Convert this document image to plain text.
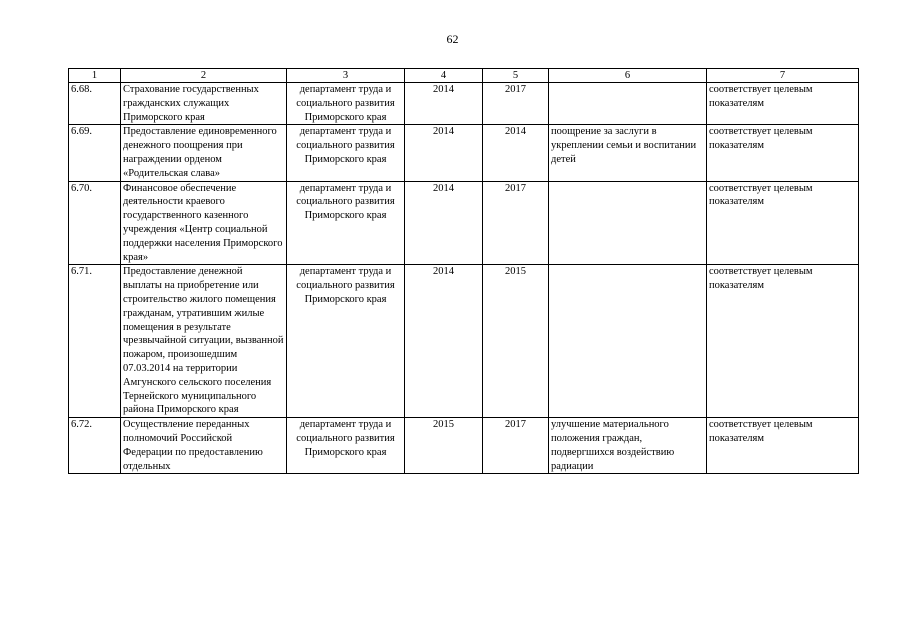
62
1	2	3	4	5	6	7
6.68.	Страхование государственных гражданских служащих Приморского края	департамент труда и социального развития Приморского края	2014	2017		соответствует целевым показателям
6.69.	Предоставление единовременного денежного поощрения при награждении орденом «Родительская слава»	департамент труда и социального развития Приморского края	2014	2014	поощрение за заслуги в укреплении семьи и воспитании детей	соответствует целевым показателям
6.70.	Финансовое обеспечение деятельности краевого государственного казенного учреждения «Центр социальной поддержки населения Приморского края»	департамент труда и социального развития Приморского края	2014	2017		соответствует целевым показателям
6.71.	Предоставление денежной выплаты на приобретение или строительство жилого помещения гражданам, утратившим жилые помещения в результате чрезвычайной ситуации, вызванной пожаром, произошедшим 07.03.2014 на территории Амгунского сельского поселения Тернейского муниципального района Приморского края	департамент труда и социального развития Приморского края	2014	2015		соответствует целевым показателям
6.72.	Осуществление переданных полномочий Российской Федерации по предоставлению отдельных	департамент труда и социального развития Приморского края	2015	2017	улучшение материального положения граждан, подвергшихся воздействию радиации	соответствует целевым показателям
